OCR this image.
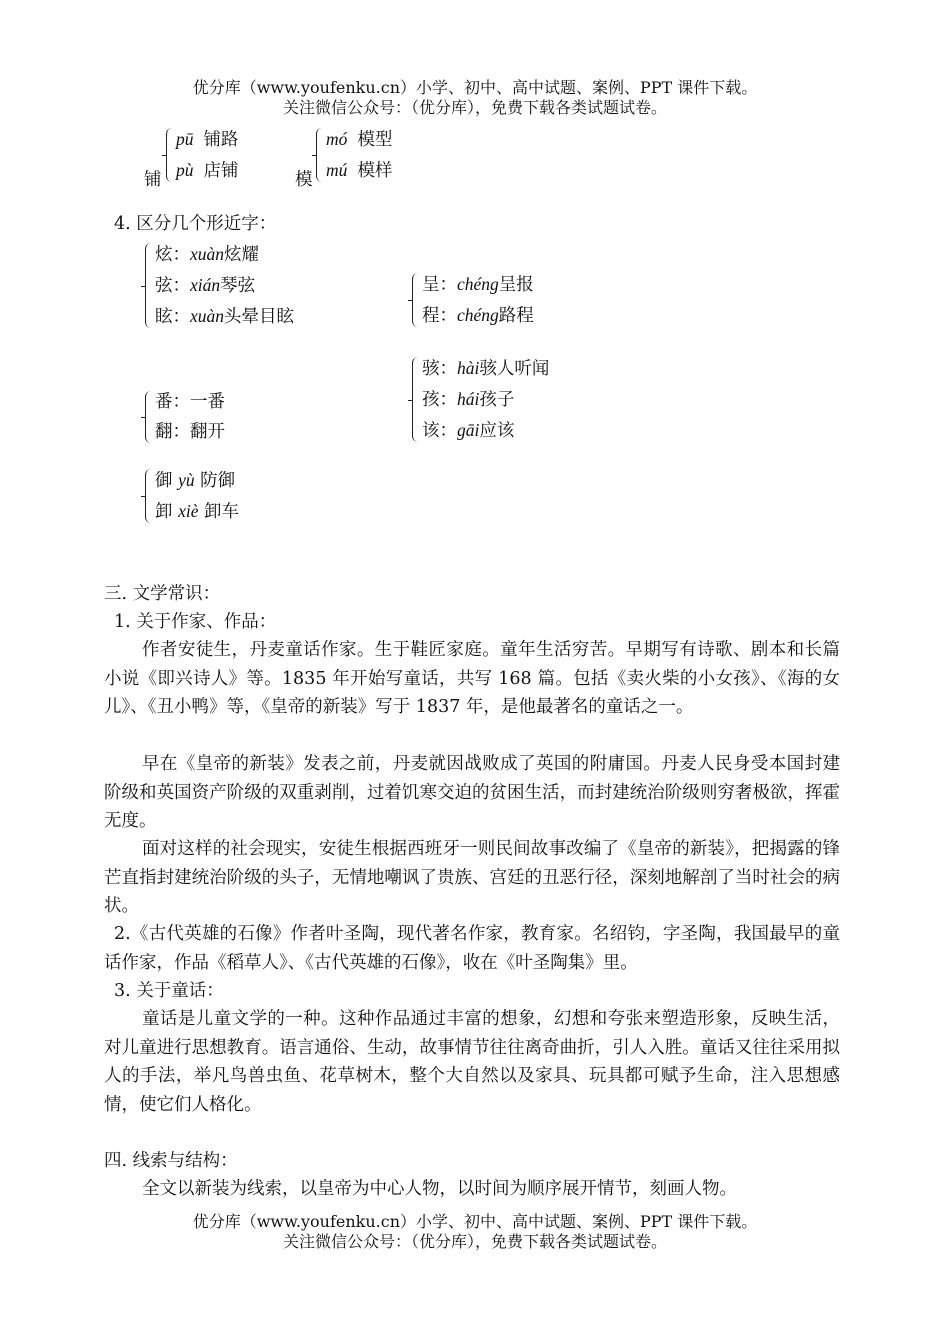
优分库（www.youfenku.cn）小学、初中、高中试题、案例、PPT 课件下载。
关注微信公众号：（优分库），免费下载各类试题试卷。
铺
pū 铺路
pù 店铺	模
mó 模型
mú 模样
4. 区分几个形近字：
炫：xuàn炫耀
弦：xián琴弦
眩：xuàn头晕目眩
呈：chéng呈报
程：chéng路程
骇：hài骇人听闻
孩：hái孩子
该：gāi应该
番：一番
翻：翻开
御 yù 防御
卸 xiè 卸车
三. 文学常识：
1. 关于作家、作品：
作者安徒生，丹麦童话作家。生于鞋匠家庭。童年生活穷苦。早期写有诗歌、剧本和长篇小说《即兴诗人》等。1835 年开始写童话，共写 168 篇。包括《卖火柴的小女孩》、《海的女儿》、《丑小鸭》等，《皇帝的新装》写于 1837 年，是他最著名的童话之一。
早在《皇帝的新装》发表之前，丹麦就因战败成了英国的附庸国。丹麦人民身受本国封建阶级和英国资产阶级的双重剥削，过着饥寒交迫的贫困生活，而封建统治阶级则穷奢极欲，挥霍无度。
面对这样的社会现实，安徒生根据西班牙一则民间故事改编了《皇帝的新装》，把揭露的锋芒直指封建统治阶级的头子，无情地嘲讽了贵族、宫廷的丑恶行径，深刻地解剖了当时社会的病状。
2.《古代英雄的石像》作者叶圣陶，现代著名作家，教育家。名绍钧，字圣陶，我国最早的童话作家，作品《稻草人》、《古代英雄的石像》，收在《叶圣陶集》里。
3. 关于童话：
童话是儿童文学的一种。这种作品通过丰富的想象，幻想和夸张来塑造形象，反映生活，对儿童进行思想教育。语言通俗、生动，故事情节往往离奇曲折，引人入胜。童话又往往采用拟人的手法，举凡鸟兽虫鱼、花草树木，整个大自然以及家具、玩具都可赋予生命，注入思想感情，使它们人格化。
四. 线索与结构：
全文以新装为线索，以皇帝为中心人物，以时间为顺序展开情节，刻画人物。
优分库（www.youfenku.cn）小学、初中、高中试题、案例、PPT 课件下载。
关注微信公众号：（优分库），免费下载各类试题试卷。
